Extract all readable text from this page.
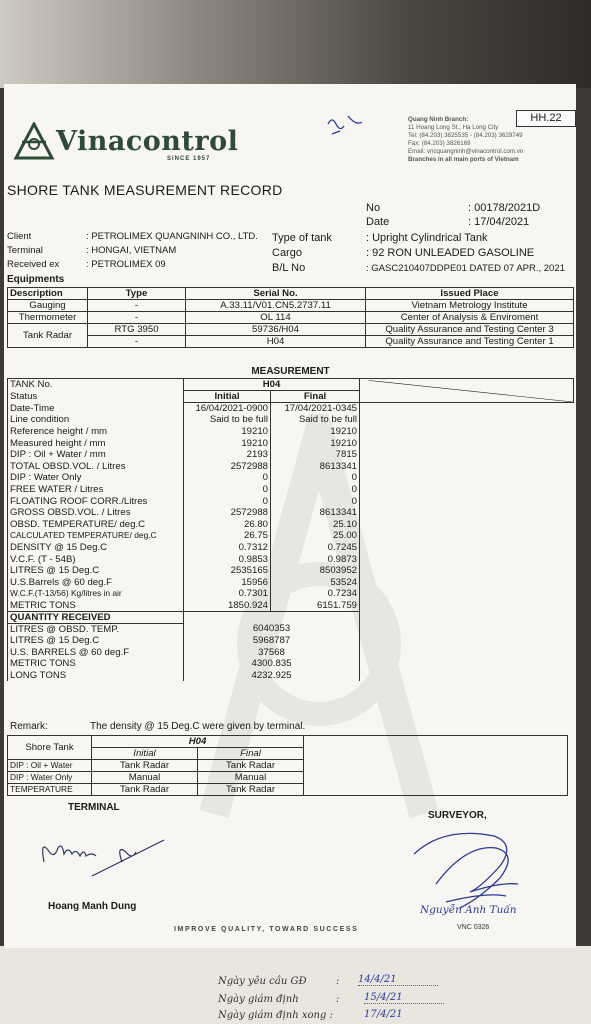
Vinacontrol
SINCE 1957
Quang Ninh Branch:
11 Hoang Long St., Ha Long City
Tel: (84.203) 3825535 - (84.203) 3629749
Fax: (84.203) 3826169
Email: vncquangninh@vinacontrol.com.vn
Branches in all main ports of Vietnam
HH.22
SHORE TANK MEASUREMENT RECORD
No	: 00178/2021D
Date	: 17/04/2021
Client	: PETROLIMEX QUANGNINH CO., LTD.
Terminal	: HONGAI, VIETNAM
Received ex	: PETROLIMEX 09
Type of tank	: Upright Cylindrical Tank
Cargo	: 92 RON UNLEADED GASOLINE
B/L No	: GASC210407DDPE01 DATED 07 APR., 2021
Equipments
Description	Type	Serial No.	Issued Place
Gauging	-	A.33.11/V01.CN5.2737.11	Vietnam Metrology Institute
Thermometer	-	OL 114	Center of Analysis & Enviroment
Tank Radar	RTG 3950	59736/H04	Quality Assurance and Testing Center 3
	-	H04	Quality Assurance and Testing Center 1
MEASUREMENT
TANK No.	H04	

Status	Initial	Final	
Date-Time	16/04/2021-0900	17/04/2021-0345	
Line condition	Said to be full	Said to be full	
Reference height / mm	19210	19210	
Measured height / mm	19210	19210	
DIP : Oil + Water / mm	2193	7815	
TOTAL OBSD.VOL. / Litres	2572988	8613341	
DIP : Water Only	0	0	
FREE WATER / Litres	0	0	
FLOATING ROOF CORR./Litres	0	0	
GROSS OBSD.VOL. / Litres	2572988	8613341	
OBSD. TEMPERATURE/ deg.C	26.80	25.10	
CALCULATED TEMPERATURE/ deg.C	26.75	25.00	
DENSITY @ 15 Deg.C	0.7312	0.7245	
V.C.F. (T - 54B)	0.9853	0.9873	
LITRES @ 15 Deg.C	2535165	8503952	
U.S.Barrels @ 60 deg.F	15956	53524	
W.C.F.(T-13/56) Kg/litres in air	0.7301	0.7234	
METRIC TONS	1850.924	6151.759	
QUANTITY RECEIVED			
LITRES @ OBSD. TEMP.	6040353		
LITRES @ 15 Deg.C	5968787		
U.S. BARRELS @ 60 deg.F	37568		
METRIC TONS	4300.835		
LONG TONS	4232.925		
Remark:	The density @ 15 Deg.C were given by terminal.
Shore Tank	H04		
	Initial	Final	
DIP : Oil + Water	Tank Radar	Tank Radar	
DIP : Water Only	Manual	Manual	
TEMPERATURE	Tank Radar	Tank Radar	
TERMINAL
SURVEYOR,
Hoang Manh Dung	Nguyễn Anh Tuấn
VNC 0326
IMPROVE QUALITY, TOWARD SUCCESS
Ngày yêu cầu GĐ	: 14/4/21
Ngày giám định	: 15/4/21
Ngày giám định xong :	17/4/21
